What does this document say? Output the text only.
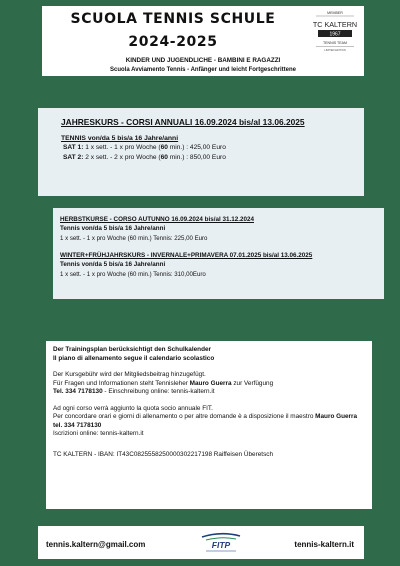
SCUOLA TENNIS SCHULE
2024-2025
KINDER UND JUGENDLICHE - BAMBINI E RAGAZZI
Scuola Avviamento Tennis - Anfänger und leicht Fortgeschrittene
MEMBER
TC KALTERN
1967
TENNIS TEAM
LIMITED EDITION
JAHRESKURS - CORSI ANNUALI 16.09.2024 bis/al 13.06.2025
TENNIS von/da 5 bis/a 16 Jahre/anni
SAT 1: 1 x sett. - 1 x pro Woche (60 min.) : 425,00 Euro
SAT 2: 2 x sett. - 2 x pro Woche (60 min.) : 850,00 Euro
HERBSTKURSE - CORSO AUTUNNO 16.09.2024 bis/al 31.12.2024
Tennis von/da 5 bis/a 16 Jahre/anni
1 x sett. - 1 x pro Woche (60 min.) Tennis: 225,00 Euro
WINTER+FRÜHJAHRSKURS - INVERNALE+PRIMAVERA 07.01.2025 bis/al 13.06.2025
Tennis von/da 5 bis/a 16 Jahre/anni
1 x sett. - 1 x pro Woche (60 min.) Tennis: 310,00Euro

Der Trainingsplan berücksichtigt den Schulkalender
Il piano di allenamento segue il calendario scolastico

Der Kursgebühr wird der Mitgliedsbeitrag hinzugefügt.
Für Fragen und Informationen steht Tennisleher Mauro Guerra zur Verfügung
Tel. 334 7178130 - Einschreibung online: tennis-kaltern.it

Ad ogni corso verrà aggiunto la quota socio annuale FIT.
Per concordare orari e giorni di allenamento o per altre domande è a disposizione il maestro Mauro Guerra tel. 334 7178130
Iscrizioni online: tennis-kaltern.it

TC KALTERN - IBAN: IT43C0825558250000302217198 Raiffeisen Überetsch

tennis.kaltern@gmail.com	FITP	tennis-kaltern.it
